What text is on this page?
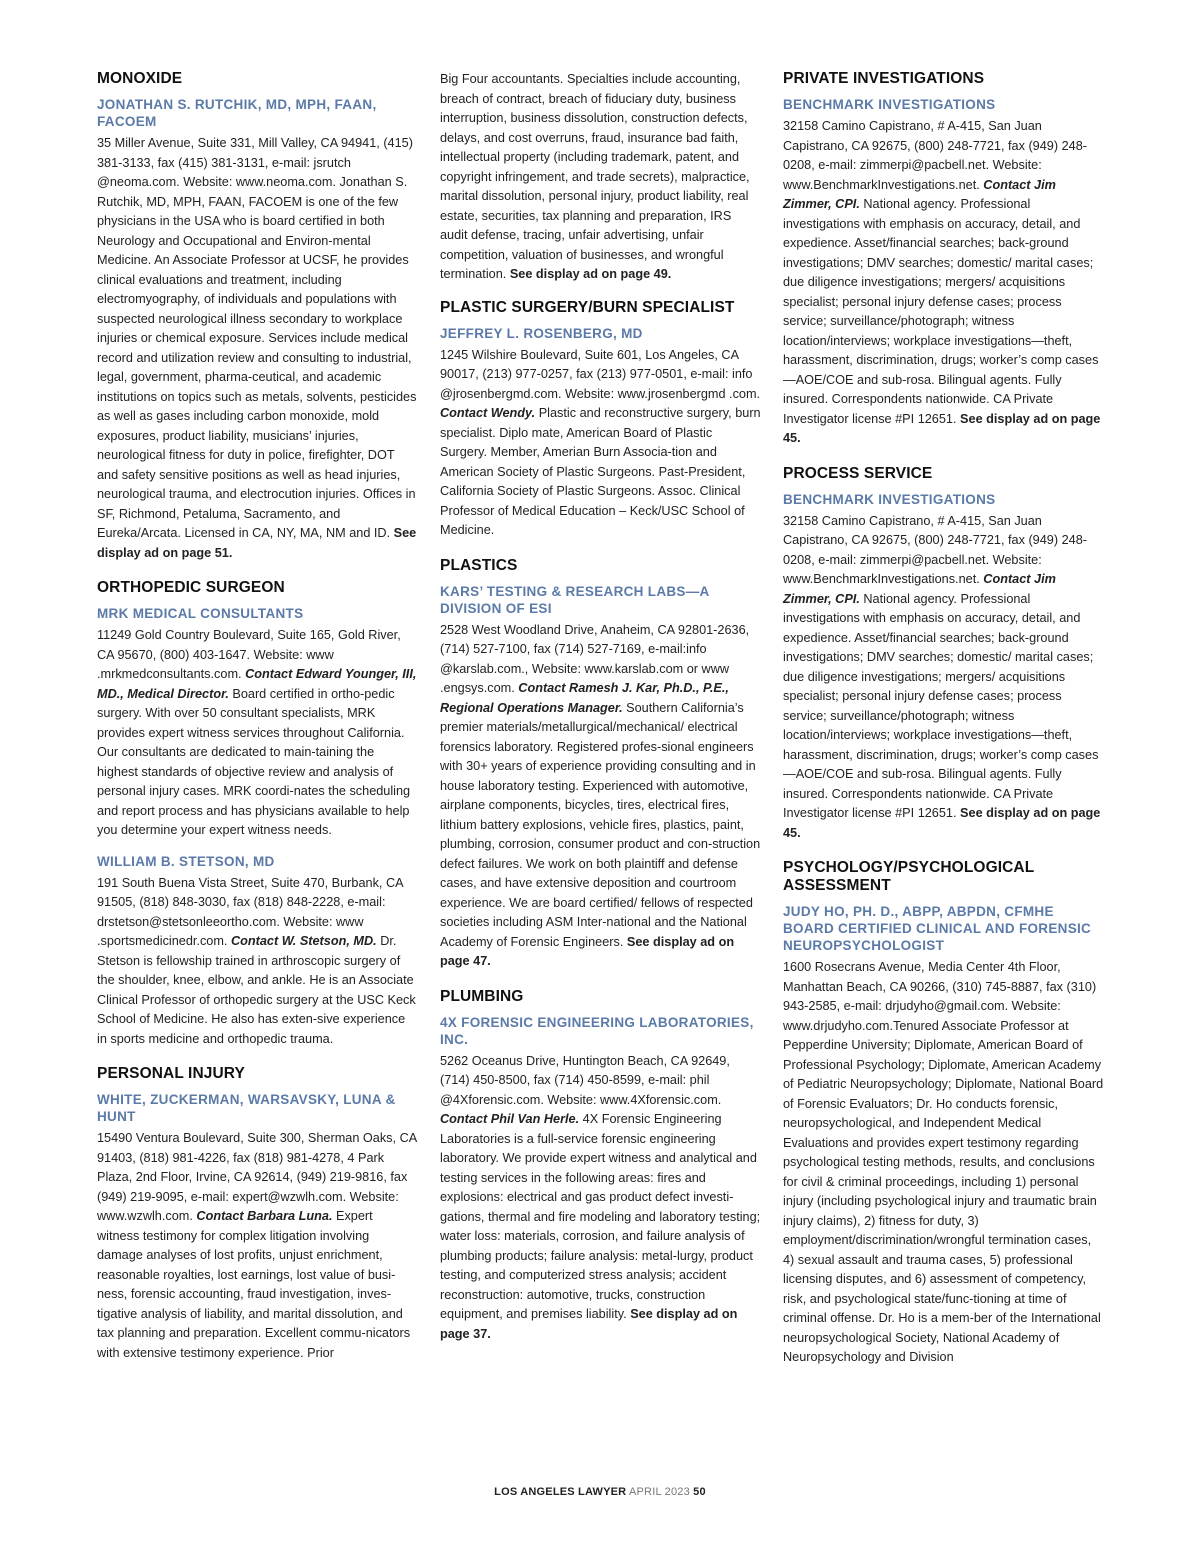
MONOXIDE
JONATHAN S. RUTCHIK, MD, MPH, FAAN, FACOEM

35 Miller Avenue, Suite 331, Mill Valley, CA 94941, (415) 381-3133, fax (415) 381-3131, e-mail: jsrutch @neoma.com. Website: www.neoma.com. Jonathan S. Rutchik, MD, MPH, FAAN, FACOEM is one of the few physicians in the USA who is board certified in both Neurology and Occupational and Environ-mental Medicine. An Associate Professor at UCSF, he provides clinical evaluations and treatment, including electromyography, of individuals and populations with suspected neurological illness secondary to workplace injuries or chemical exposure. Services include medical record and utilization review and consulting to industrial, legal, government, pharma-ceutical, and academic institutions on topics such as metals, solvents, pesticides as well as gases including carbon monoxide, mold exposures, product liability, musicians’ injuries, neurological fitness for duty in police, firefighter, DOT and safety sensitive positions as well as head injuries, neurological trauma, and electrocution injuries. Offices in SF, Richmond, Petaluma, Sacramento, and Eureka/Arcata. Licensed in CA, NY, MA, NM and ID. See display ad on page 51.

ORTHOPEDIC SURGEON
MRK MEDICAL CONSULTANTS

11249 Gold Country Boulevard, Suite 165, Gold River, CA 95670, (800) 403-1647. Website: www .mrkmedconsultants.com. Contact Edward Younger, III, MD., Medical Director. Board certified in ortho-pedic surgery. With over 50 consultant specialists, MRK provides expert witness services throughout California. Our consultants are dedicated to main-taining the highest standards of objective review and analysis of personal injury cases. MRK coordi-nates the scheduling and report process and has physicians available to help you determine your expert witness needs.

WILLIAM B. STETSON, MD

191 South Buena Vista Street, Suite 470, Burbank, CA 91505, (818) 848-3030, fax (818) 848-2228, e-mail: drstetson@stetsonleeortho.com. Website: www .sportsmedicinedr.com. Contact W. Stetson, MD. Dr. Stetson is fellowship trained in arthroscopic surgery of the shoulder, knee, elbow, and ankle. He is an Associate Clinical Professor of orthopedic surgery at the USC Keck School of Medicine. He also has exten-sive experience in sports medicine and orthopedic trauma.

PERSONAL INJURY
WHITE, ZUCKERMAN, WARSAVSKY, LUNA & HUNT

15490 Ventura Boulevard, Suite 300, Sherman Oaks, CA 91403, (818) 981-4226, fax (818) 981-4278, 4 Park Plaza, 2nd Floor, Irvine, CA 92614, (949) 219-9816, fax (949) 219-9095, e-mail: expert@wzwlh.com. Website: www.wzwlh.com. Contact Barbara Luna. Expert witness testimony for complex litigation involving damage analyses of lost profits, unjust enrichment, reasonable royalties, lost earnings, lost value of busi-ness, forensic accounting, fraud investigation, inves-tigative analysis of liability, and marital dissolution, and tax planning and preparation. Excellent commu-nicators with extensive testimony experience. Prior

Big Four accountants. Specialties include accounting, breach of contract, breach of fiduciary duty, business interruption, business dissolution, construction defects, delays, and cost overruns, fraud, insurance bad faith, intellectual property (including trademark, patent, and copyright infringement, and trade secrets), malpractice, marital dissolution, personal injury, product liability, real estate, securities, tax planning and preparation, IRS audit defense, tracing, unfair advertising, unfair competition, valuation of businesses, and wrongful termination. See display ad on page 49.

PLASTIC SURGERY/BURN SPECIALIST
JEFFREY L. ROSENBERG, MD

1245 Wilshire Boulevard, Suite 601, Los Angeles, CA 90017, (213) 977-0257, fax (213) 977-0501, e-mail: info @jrosenbergmd.com. Website: www.jrosenbergmd .com. Contact Wendy. Plastic and reconstructive surgery, burn specialist. Diplo mate, American Board of Plastic Surgery. Member, Amerian Burn Associa-tion and American Society of Plastic Surgeons. Past-President, California Society of Plastic Surgeons. Assoc. Clinical Professor of Medical Education – Keck/USC School of Medicine.

PLASTICS
KARS’ TESTING & RESEARCH LABS—A DIVISION OF ESI

2528 West Woodland Drive, Anaheim, CA 92801-2636, (714) 527-7100, fax (714) 527-7169, e-mail:info @karslab.com., Website: www.karslab.com or www .engsys.com. Contact Ramesh J. Kar, Ph.D., P.E., Regional Operations Manager. Southern California’s premier materials/metallurgical/mechanical/ electrical forensics laboratory. Registered profes-sional engineers with 30+ years of experience providing consulting and in house laboratory testing. Experienced with automotive, airplane components, bicycles, tires, electrical fires, lithium battery explosions, vehicle fires, plastics, paint, plumbing, corrosion, consumer product and con-struction defect failures. We work on both plaintiff and defense cases, and have extensive deposition and courtroom experience. We are board certified/ fellows of respected societies including ASM Inter-national and the National Academy of Forensic Engineers. See display ad on page 47.

PLUMBING
4X FORENSIC ENGINEERING LABORATORIES, INC.

5262 Oceanus Drive, Huntington Beach, CA 92649, (714) 450-8500, fax (714) 450-8599, e-mail: phil @4Xforensic.com. Website: www.4Xforensic.com. Contact Phil Van Herle. 4X Forensic Engineering Laboratories is a full-service forensic engineering laboratory. We provide expert witness and analytical and testing services in the following areas: fires and explosions: electrical and gas product defect investi-gations, thermal and fire modeling and laboratory testing; water loss: materials, corrosion, and failure analysis of plumbing products; failure analysis: metal-lurgy, product testing, and computerized stress analysis; accident reconstruction: automotive, trucks, construction equipment, and premises liability. See display ad on page 37.

PRIVATE INVESTIGATIONS
BENCHMARK INVESTIGATIONS

32158 Camino Capistrano, # A-415, San Juan Capistrano, CA 92675, (800) 248-7721, fax (949) 248-0208, e-mail: zimmerpi@pacbell.net. Website: www.BenchmarkInvestigations.net. Contact Jim Zimmer, CPI. National agency. Professional investigations with emphasis on accuracy, detail, and expedience. Asset/financial searches; back-ground investigations; DMV searches; domestic/ marital cases; due diligence investigations; mergers/ acquisitions specialist; personal injury defense cases; process service; surveillance/photograph; witness location/interviews; workplace investigations—theft, harassment, discrimination, drugs; worker’s comp cases—AOE/COE and sub-rosa. Bilingual agents. Fully insured. Correspondents nationwide. CA Private Investigator license #PI 12651. See display ad on page 45.

PROCESS SERVICE
BENCHMARK INVESTIGATIONS

32158 Camino Capistrano, # A-415, San Juan Capistrano, CA 92675, (800) 248-7721, fax (949) 248-0208, e-mail: zimmerpi@pacbell.net. Website: www.BenchmarkInvestigations.net. Contact Jim Zimmer, CPI. National agency. Professional investigations with emphasis on accuracy, detail, and expedience. Asset/financial searches; back-ground investigations; DMV searches; domestic/ marital cases; due diligence investigations; mergers/ acquisitions specialist; personal injury defense cases; process service; surveillance/photograph; witness location/interviews; workplace investigations—theft, harassment, discrimination, drugs; worker’s comp cases—AOE/COE and sub-rosa. Bilingual agents. Fully insured. Correspondents nationwide. CA Private Investigator license #PI 12651. See display ad on page 45.

PSYCHOLOGY/PSYCHOLOGICAL ASSESSMENT
JUDY HO, PH. D., ABPP, ABPDN, CFMHE BOARD CERTIFIED CLINICAL AND FORENSIC NEUROPSYCHOLOGIST

1600 Rosecrans Avenue, Media Center 4th Floor, Manhattan Beach, CA 90266, (310) 745-8887, fax (310) 943-2585, e-mail: drjudyho@gmail.com. Website: www.drjudyho.com.Tenured Associate Professor at Pepperdine University; Diplomate, American Board of Professional Psychology; Diplomate, American Academy of Pediatric Neuropsychology; Diplomate, National Board of Forensic Evaluators; Dr. Ho conducts forensic, neuropsychological, and Independent Medical Evaluations and provides expert testimony regarding psychological testing methods, results, and conclusions for civil & criminal proceedings, including 1) personal injury (including psychological injury and traumatic brain injury claims), 2) fitness for duty, 3) employment/discrimination/wrongful termination cases, 4) sexual assault and trauma cases, 5) professional licensing disputes, and 6) assessment of competency, risk, and psychological state/func-tioning at time of criminal offense. Dr. Ho is a mem-ber of the International neuropsychological Society, National Academy of Neuropsychology and Division

LOS ANGELES LAWYER APRIL 2023 50
